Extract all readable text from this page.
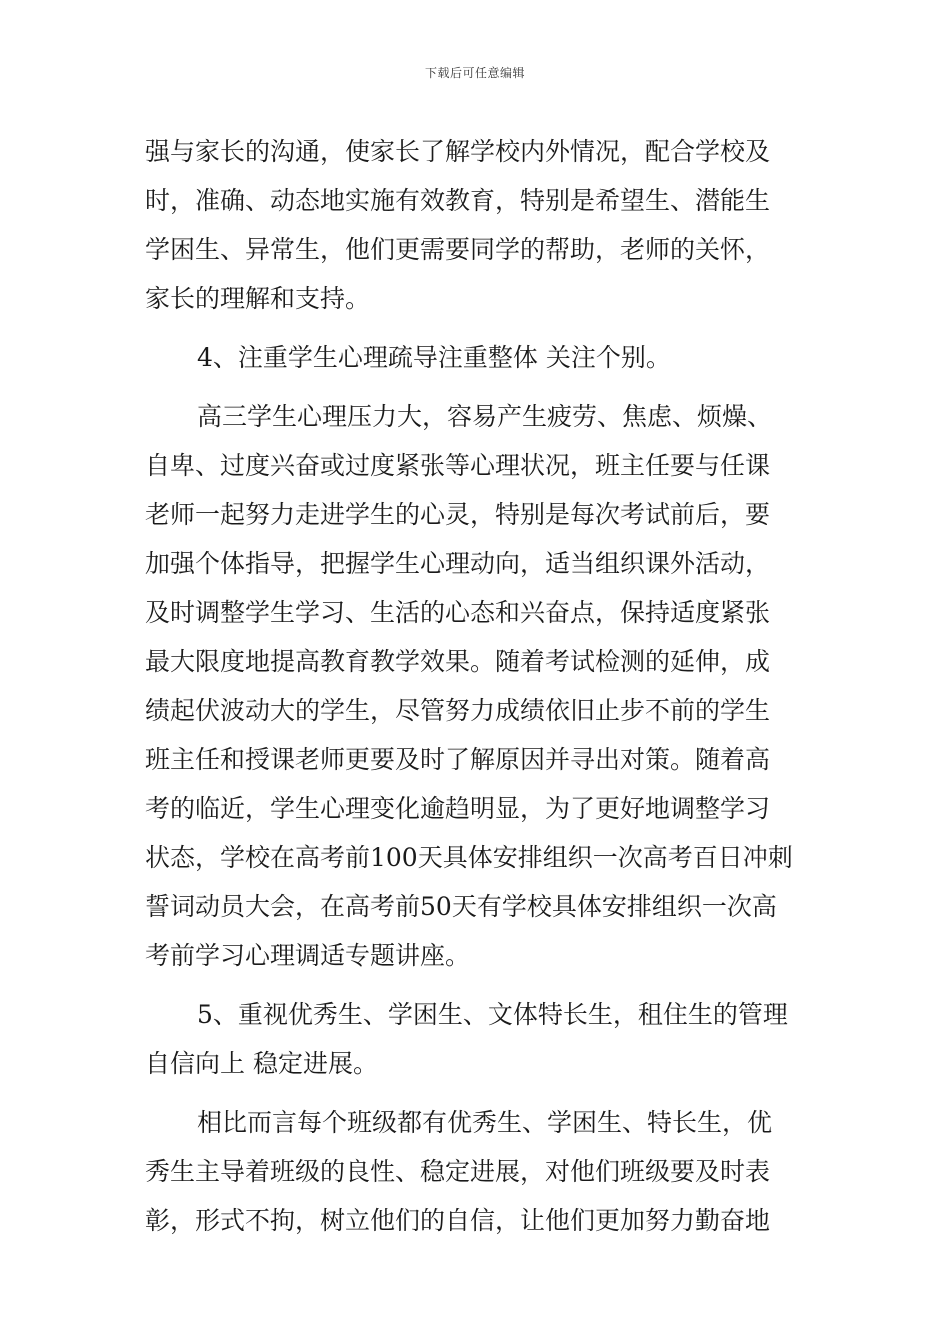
下载后可任意编辑
强与家长的沟通，使家长了解学校内外情况，配合学校及
时，准确、动态地实施有效教育，特别是希望生、潜能生
学困生、异常生，他们更需要同学的帮助，老师的关怀，
家长的理解和支持。
4、注重学生心理疏导注重整体 关注个别。
高三学生心理压力大，容易产生疲劳、焦虑、烦燥、
自卑、过度兴奋或过度紧张等心理状况，班主任要与任课
老师一起努力走进学生的心灵，特别是每次考试前后，要
加强个体指导，把握学生心理动向，适当组织课外活动，
及时调整学生学习、生活的心态和兴奋点，保持适度紧张
最大限度地提高教育教学效果。随着考试检测的延伸，成
绩起伏波动大的学生，尽管努力成绩依旧止步不前的学生
班主任和授课老师更要及时了解原因并寻出对策。随着高
考的临近，学生心理变化逾趋明显，为了更好地调整学习
状态，学校在高考前100天具体安排组织一次高考百日冲刺
誓词动员大会，在高考前50天有学校具体安排组织一次高
考前学习心理调适专题讲座。
5、重视优秀生、学困生、文体特长生，租住生的管理
自信向上 稳定进展。
相比而言每个班级都有优秀生、学困生、特长生，优
秀生主导着班级的良性、稳定进展，对他们班级要及时表
彰，形式不拘，树立他们的自信，让他们更加努力勤奋地
